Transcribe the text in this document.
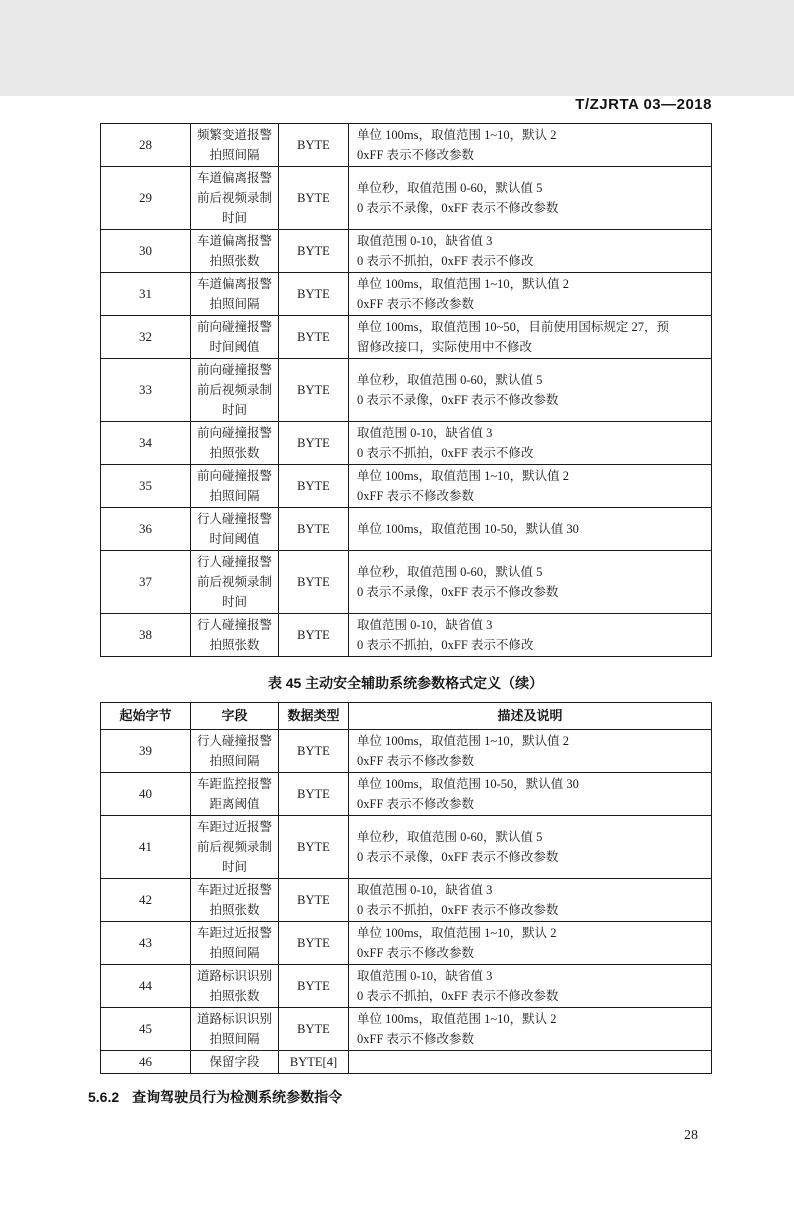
T/ZJRTA 03—2018
28	频繁变道报警拍照间隔	BYTE	单位 100ms，取值范围 1~10，默认 2
0xFF 表示不修改参数

29	车道偏离报警前后视频录制时间	BYTE	单位秒，取值范围 0-60，默认值 5
0 表示不录像，0xFF 表示不修改参数

30	车道偏离报警拍照张数	BYTE	取值范围 0-10，缺省值 3
0 表示不抓拍，0xFF 表示不修改

31	车道偏离报警拍照间隔	BYTE	单位 100ms，取值范围 1~10，默认值 2
0xFF 表示不修改参数

32	前向碰撞报警时间阈值	BYTE	单位 100ms，取值范围 10~50，目前使用国标规定 27，预
留修改接口，实际使用中不修改

33	前向碰撞报警前后视频录制时间	BYTE	单位秒，取值范围 0-60，默认值 5
0 表示不录像，0xFF 表示不修改参数

34	前向碰撞报警拍照张数	BYTE	取值范围 0-10，缺省值 3
0 表示不抓拍，0xFF 表示不修改

35	前向碰撞报警拍照间隔	BYTE	单位 100ms，取值范围 1~10，默认值 2
0xFF 表示不修改参数

36	行人碰撞报警时间阈值	BYTE	单位 100ms，取值范围 10-50，默认值 30

37	行人碰撞报警前后视频录制时间	BYTE	单位秒，取值范围 0-60，默认值 5
0 表示不录像，0xFF 表示不修改参数

38	行人碰撞报警拍照张数	BYTE	取值范围 0-10，缺省值 3
0 表示不抓拍，0xFF 表示不修改
表 45 主动安全辅助系统参数格式定义（续）
起始字节	字段	数据类型	描述及说明
39	行人碰撞报警拍照间隔	BYTE	单位 100ms，取值范围 1~10，默认值 2
0xFF 表示不修改参数

40	车距监控报警距离阈值	BYTE	单位 100ms，取值范围 10-50，默认值 30
0xFF 表示不修改参数

41	车距过近报警前后视频录制时间	BYTE	单位秒，取值范围 0-60，默认值 5
0 表示不录像，0xFF 表示不修改参数

42	车距过近报警拍照张数	BYTE	取值范围 0-10，缺省值 3
0 表示不抓拍，0xFF 表示不修改参数

43	车距过近报警拍照间隔	BYTE	单位 100ms，取值范围 1~10，默认 2
0xFF 表示不修改参数

44	道路标识识别拍照张数	BYTE	取值范围 0-10，缺省值 3
0 表示不抓拍，0xFF 表示不修改参数

45	道路标识识别拍照间隔	BYTE	单位 100ms，取值范围 1~10，默认 2
0xFF 表示不修改参数

46	保留字段	BYTE[4]	
5.6.2 查询驾驶员行为检测系统参数指令
28
